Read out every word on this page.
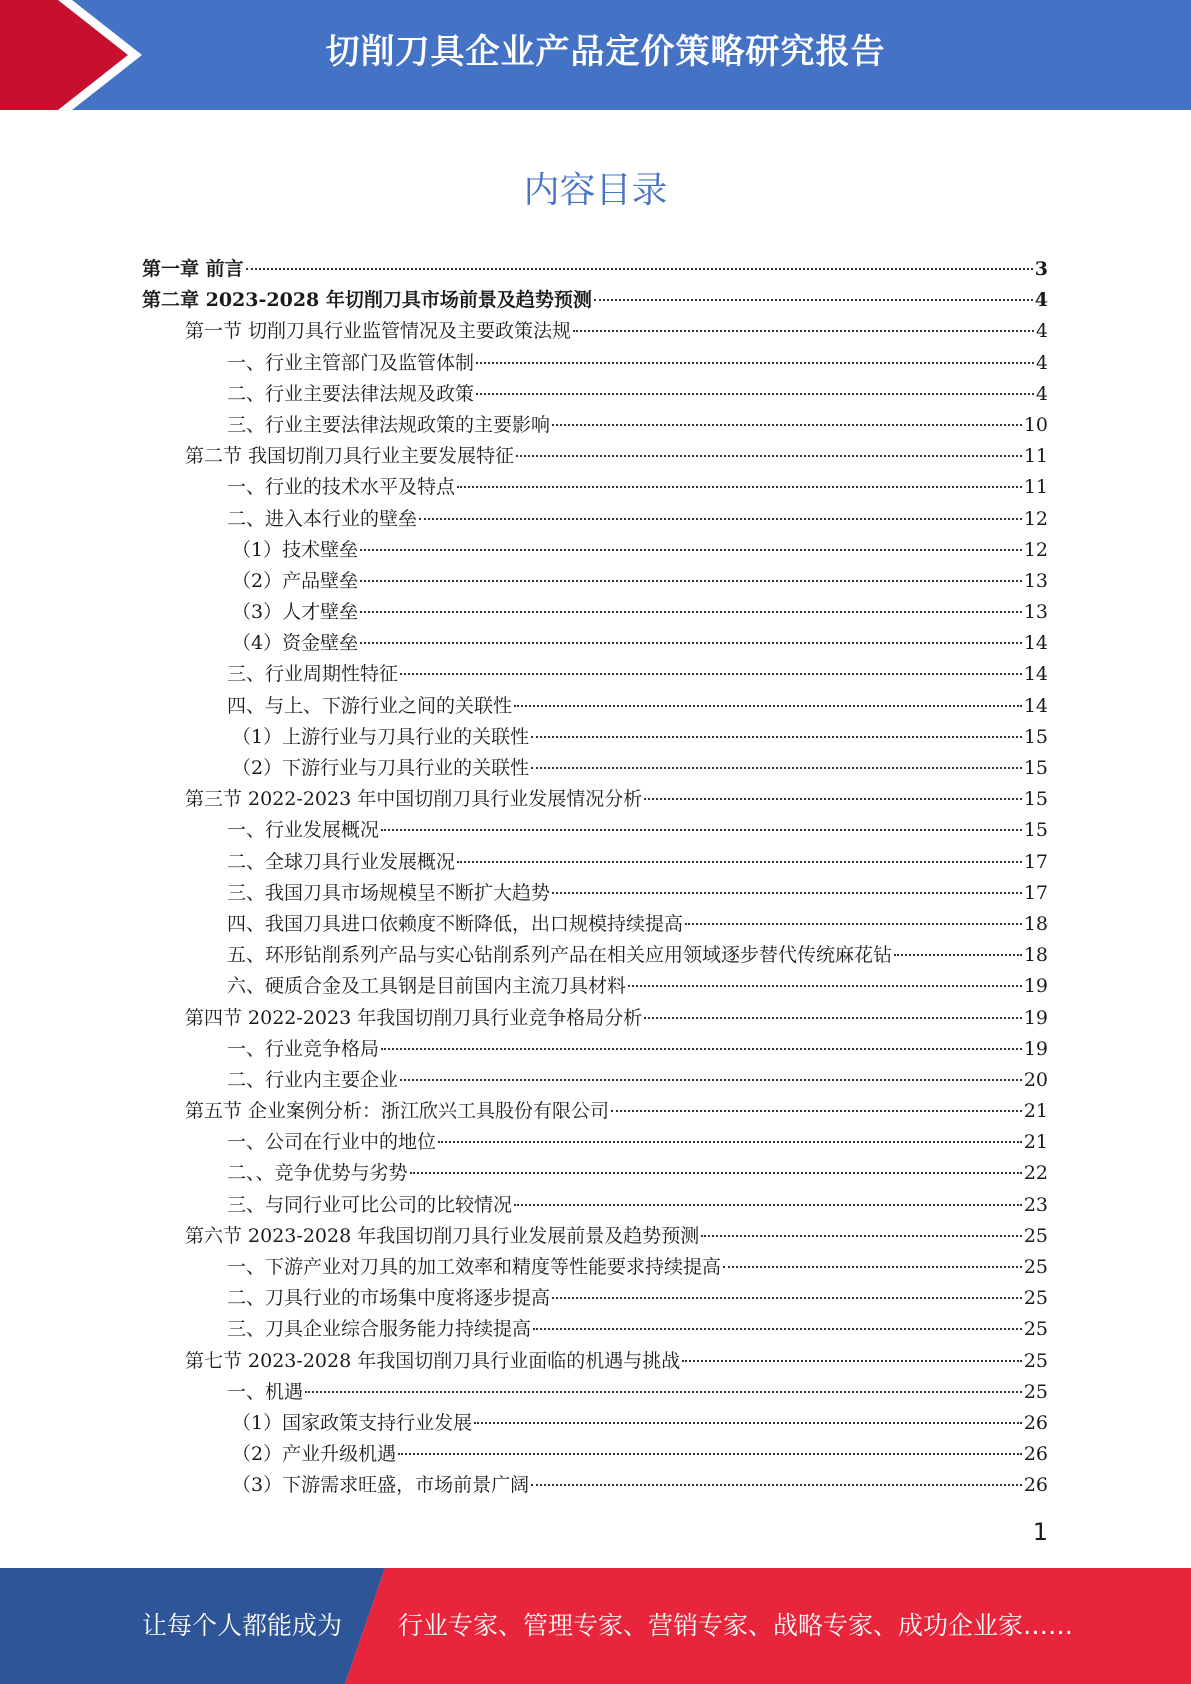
切削刀具企业产品定价策略研究报告
内容目录
第一章 前言	3
第二章 2023-2028 年切削刀具市场前景及趋势预测	4
第一节 切削刀具行业监管情况及主要政策法规	4
一、行业主管部门及监管体制	4
二、行业主要法律法规及政策	4
三、行业主要法律法规政策的主要影响	10
第二节 我国切削刀具行业主要发展特征	11
一、行业的技术水平及特点	11
二、进入本行业的壁垒	12
（1）技术壁垒	12
（2）产品壁垒	13
（3）人才壁垒	13
（4）资金壁垒	14
三、行业周期性特征	14
四、与上、下游行业之间的关联性	14
（1）上游行业与刀具行业的关联性	15
（2）下游行业与刀具行业的关联性	15
第三节 2022-2023 年中国切削刀具行业发展情况分析	15
一、行业发展概况	15
二、全球刀具行业发展概况	17
三、我国刀具市场规模呈不断扩大趋势	17
四、我国刀具进口依赖度不断降低，出口规模持续提高	18
五、环形钻削系列产品与实心钻削系列产品在相关应用领域逐步替代传统麻花钻	18
六、硬质合金及工具钢是目前国内主流刀具材料	19
第四节 2022-2023 年我国切削刀具行业竞争格局分析	19
一、行业竞争格局	19
二、行业内主要企业	20
第五节 企业案例分析：浙江欣兴工具股份有限公司	21
一、公司在行业中的地位	21
二、、竞争优势与劣势	22
三、与同行业可比公司的比较情况	23
第六节 2023-2028 年我国切削刀具行业发展前景及趋势预测	25
一、下游产业对刀具的加工效率和精度等性能要求持续提高	25
二、刀具行业的市场集中度将逐步提高	25
三、刀具企业综合服务能力持续提高	25
第七节 2023-2028 年我国切削刀具行业面临的机遇与挑战	25
一、机遇	25
（1）国家政策支持行业发展	26
（2）产业升级机遇	26
（3）下游需求旺盛，市场前景广阔	26
1
让每个人都能成为 行业专家、管理专家、营销专家、战略专家、成功企业家……
